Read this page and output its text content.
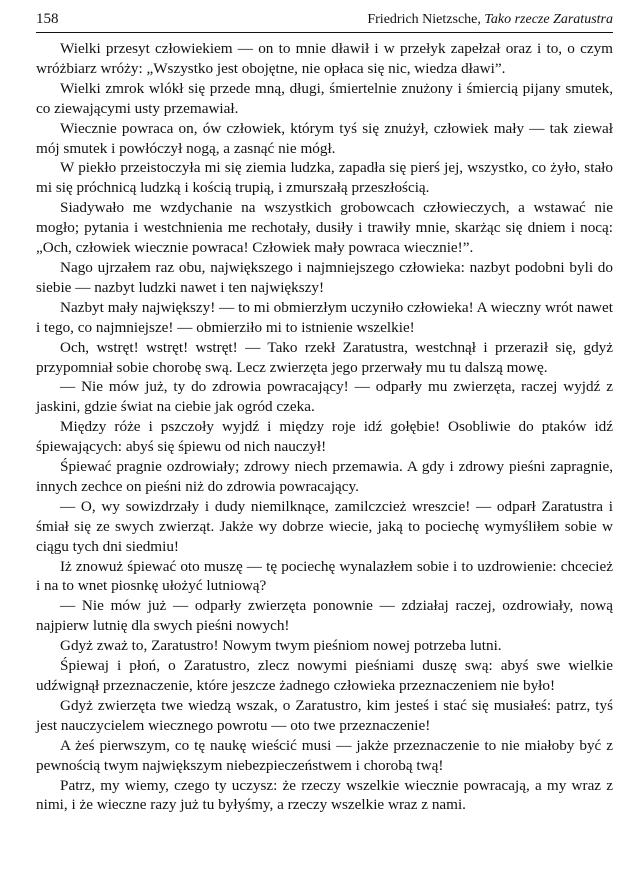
158	Friedrich Nietzsche, Tako rzecze Zaratustra

Wielki przesyt człowiekiem — on to mnie dławił i w przełyk zapełzał oraz i to, o czym wróżbiarz wróży: „Wszystko jest obojętne, nie opłaca się nic, wiedza dławi”.

Wielki zmrok wlókł się przede mną, długi, śmiertelnie znużony i śmiercią pijany smutek, co ziewającymi usty przemawiał.

Wiecznie powraca on, ów człowiek, którym tyś się znużył, człowiek mały — tak ziewał mój smutek i powłóczył nogą, a zasnąć nie mógł.

W piekło przeistoczyła mi się ziemia ludzka, zapadła się pierś jej, wszystko, co żyło, stało mi się próchnicą ludzką i kością trupią, i zmurszałą przeszłością.

Siadywało me wzdychanie na wszystkich grobowcach człowieczych, a wstawać nie mogło; pytania i westchnienia me rechotały, dusiły i trawiły mnie, skarżąc się dniem i nocą: „Och, człowiek wiecznie powraca! Człowiek mały powraca wiecznie!”.

Nago ujrzałem raz obu, największego i najmniejszego człowieka: nazbyt podobni byli do siebie — nazbyt ludzki nawet i ten największy!

Nazbyt mały największy! — to mi obmierzłym uczyniło człowieka! A wieczny wrót nawet i tego, co najmniejsze! — obmierziło mi to istnienie wszelkie!

Och, wstręt! wstręt! wstręt! — Tako rzekł Zaratustra, westchnął i przeraził się, gdyż przypomniał sobie chorobę swą. Lecz zwierzęta jego przerwały mu tu dalszą mowę.

— Nie mów już, ty do zdrowia powracający! — odparły mu zwierzęta, raczej wyjdź z jaskini, gdzie świat na ciebie jak ogród czeka.

Między róże i pszczoły wyjdź i między roje idź gołębie! Osobliwie do ptaków idź śpiewających: abyś się śpiewu od nich nauczył!

Śpiewać pragnie ozdrowiały; zdrowy niech przemawia. A gdy i zdrowy pieśni zapragnie, innych zechce on pieśni niż do zdrowia powracający.

— O, wy sowizdrzały i dudy niemilknące, zamilczcież wreszcie! — odparł Zaratustra i śmiał się ze swych zwierząt. Jakże wy dobrze wiecie, jaką to pociechę wymyśliłem sobie w ciągu tych dni siedmiu!

Iż znowuż śpiewać oto muszę — tę pociechę wynalazłem sobie i to uzdrowienie: chcecież i na to wnet piosnkę ułożyć lutniową?

— Nie mów już — odparły zwierzęta ponownie — zdziałaj raczej, ozdrowiały, nową najpierw lutnię dla swych pieśni nowych!

Gdyż zważ to, Zaratustro! Nowym twym pieśniom nowej potrzeba lutni.

Śpiewaj i płoń, o Zaratustro, zlecz nowymi pieśniami duszę swą: abyś swe wielkie udźwignął przeznaczenie, które jeszcze żadnego człowieka przeznaczeniem nie było!

Gdyż zwierzęta twe wiedzą wszak, o Zaratustro, kim jesteś i stać się musiałeś: patrz, tyś jest nauczycielem wiecznego powrotu — oto twe przeznaczenie!

A żeś pierwszym, co tę naukę wieścić musi — jakże przeznaczenie to nie miałoby być z pewnością twym największym niebezpieczeństwem i chorobą twą!

Patrz, my wiemy, czego ty uczysz: że rzeczy wszelkie wiecznie powracają, a my wraz z nimi, i że wieczne razy już tu byłyśmy, a rzeczy wszelkie wraz z nami.
